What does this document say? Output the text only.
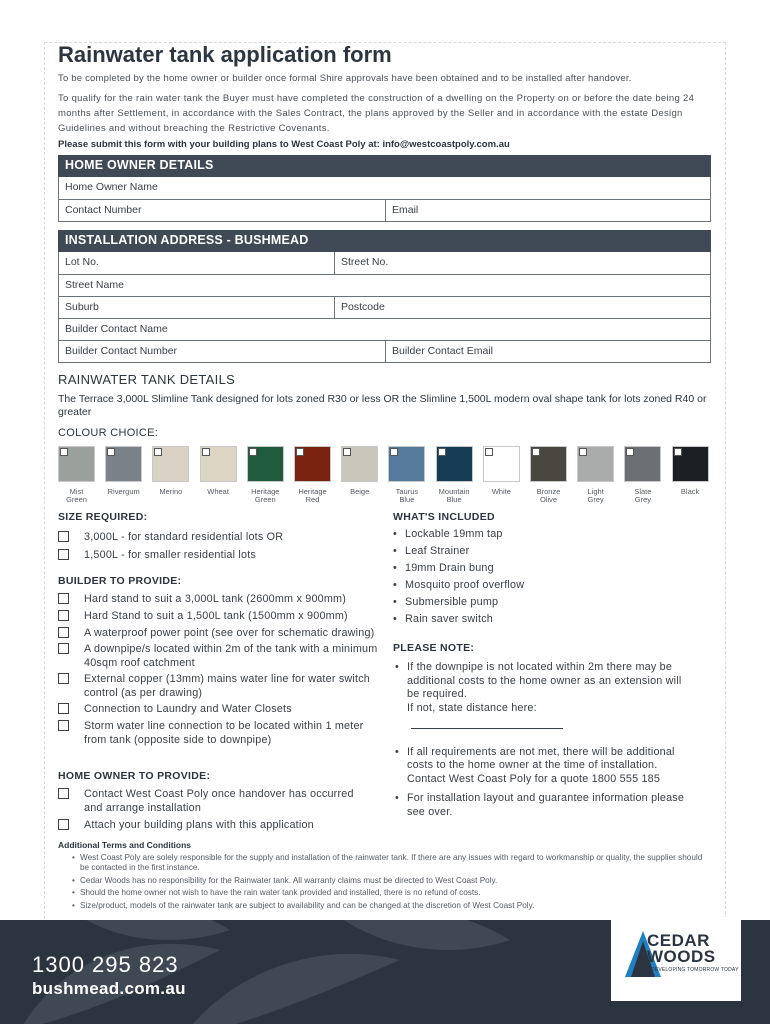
Rainwater tank application form
To be completed by the home owner or builder once formal Shire approvals have been obtained and to be installed after handover.
To qualify for the rain water tank the Buyer must have completed the construction of a dwelling on the Property on or before the date being 24 months after Settlement, in accordance with the Sales Contract, the plans approved by the Seller and in accordance with the estate Design Guidelines and without breaching the Restrictive Covenants.
Please submit this form with your building plans to West Coast Poly at: info@westcoastpoly.com.au
HOME OWNER DETAILS
Home Owner Name
Contact Number	Email
INSTALLATION ADDRESS - BUSHMEAD
Lot No.	Street No.
Street Name
Suburb	Postcode
Builder Contact Name
Builder Contact Number	Builder Contact Email
RAINWATER TANK DETAILS
The Terrace 3,000L Slimline Tank designed for lots zoned R30 or less OR the Slimline 1,500L modern oval shape tank for lots zoned R40 or greater
COLOUR CHOICE:
Mist
Green
Rivergum	Merino	Wheat	Heritage
Green
Heritage
Red
Beige	Taurus
Blue
Mountain
Blue
White	Bronze
Olive
Light
Grey
Slate
Grey
Black
SIZE REQUIRED:
3,000L - for standard residential lots OR
1,500L - for smaller residential lots
BUILDER TO PROVIDE:
Hard stand to suit a 3,000L tank (2600mm x 900mm)
Hard Stand to suit a 1,500L tank (1500mm x 900mm)
A waterproof power point (see over for schematic drawing)
A downpipe/s located within 2m of the tank with a minimum 40sqm roof catchment
External copper (13mm) mains water line for water switch control (as per drawing)
Connection to Laundry and Water Closets
Storm water line connection to be located within 1 meter from tank (opposite side to downpipe)
HOME OWNER TO PROVIDE:
Contact West Coast Poly once handover has occurred and arrange installation
Attach your building plans with this application
WHAT'S INCLUDED
• Lockable 19mm tap
• Leaf Strainer
• 19mm Drain bung
• Mosquito proof overflow
• Submersible pump
• Rain saver switch
PLEASE NOTE:
• If the downpipe is not located within 2m there may be additional costs to the home owner as an extension will be required.
If not, state distance here:
• If all requirements are not met, there will be additional costs to the home owner at the time of installation. Contact West Coast Poly for a quote 1800 555 185
• For installation layout and guarantee information please see over.
Additional Terms and Conditions
• West Coast Poly are solely responsible for the supply and installation of the rainwater tank. If there are any issues with regard to workmanship or quality, the supplier should be contacted in the first instance.
• Cedar Woods has no responsibility for the Rainwater tank. All warranty claims must be directed to West Coast Poly.
• Should the home owner not wish to have the rain water tank provided and installed, there is no refund of costs.
• Size/product, models of the rainwater tank are subject to availability and can be changed at the discretion of West Coast Poly.
1300 295 823
bushmead.com.au
CEDAR
WOODS
DEVELOPING TOMORROW TODAY
